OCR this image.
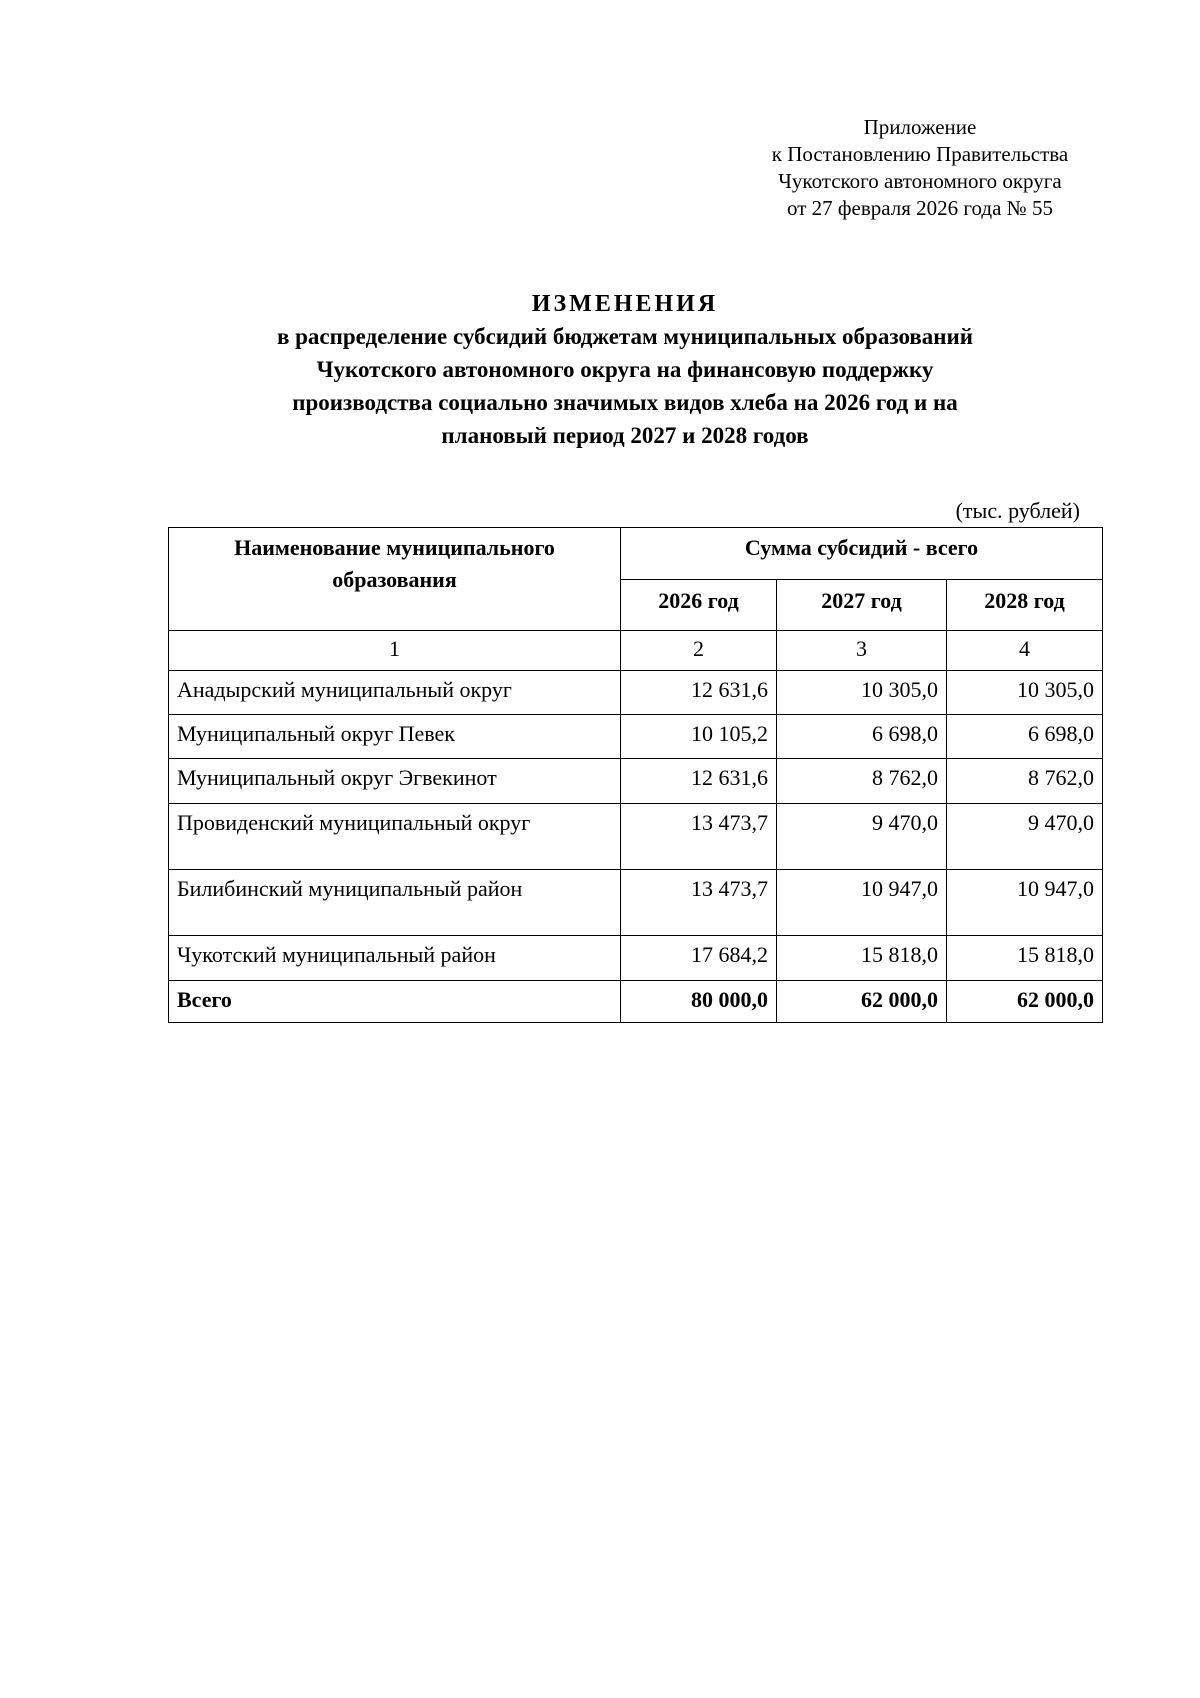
Приложение
к Постановлению Правительства
Чукотского автономного округа
от 27 февраля 2026 года № 55
ИЗМЕНЕНИЯ
в распределение субсидий бюджетам муниципальных образований
Чукотского автономного округа на финансовую поддержку
производства социально значимых видов хлеба на 2026 год и на
плановый период 2027 и 2028 годов
(тыс. рублей)
Наименование муниципального образования	Сумма субсидий - всего		
	2026 год	2027 год	2028 год
1	2	3	4
Анадырский муниципальный округ	12 631,6	10 305,0	10 305,0
Муниципальный округ Певек	10 105,2	6 698,0	6 698,0
Муниципальный округ Эгвекинот	12 631,6	8 762,0	8 762,0
Провиденский муниципальный округ	13 473,7	9 470,0	9 470,0
Билибинский муниципальный район	13 473,7	10 947,0	10 947,0
Чукотский муниципальный район	17 684,2	15 818,0	15 818,0
Всего	80 000,0	62 000,0	62 000,0
